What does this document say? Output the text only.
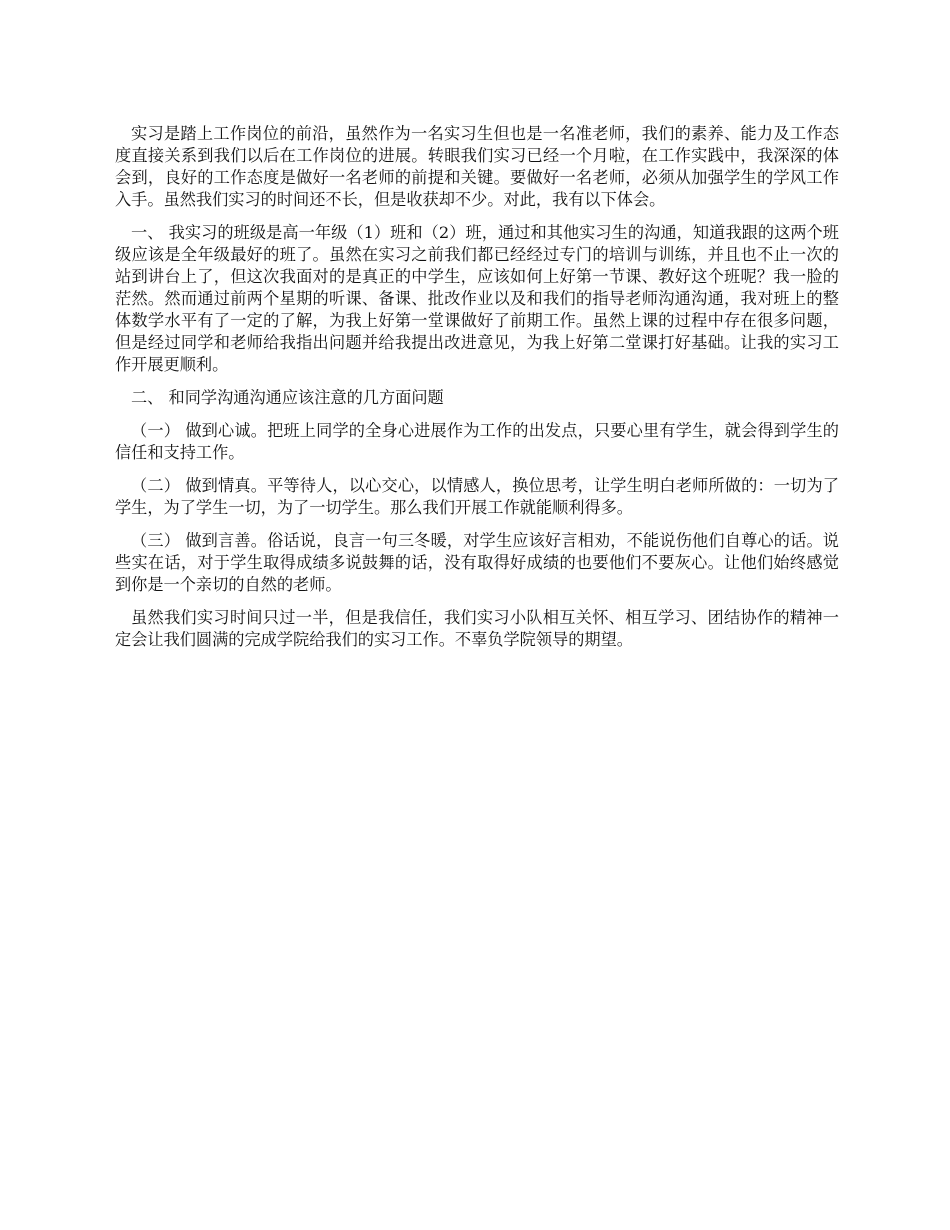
实习是踏上工作岗位的前沿，虽然作为一名实习生但也是一名准老师，我们的素养、能力及工作态度直接关系到我们以后在工作岗位的进展。转眼我们实习已经一个月啦，在工作实践中，我深深的体会到，良好的工作态度是做好一名老师的前提和关键。要做好一名老师，必须从加强学生的学风工作入手。虽然我们实习的时间还不长，但是收获却不少。对此，我有以下体会。

一、 我实习的班级是高一年级（1）班和（2）班，通过和其他实习生的沟通，知道我跟的这两个班级应该是全年级最好的班了。虽然在实习之前我们都已经经过专门的培训与训练，并且也不止一次的站到讲台上了，但这次我面对的是真正的中学生，应该如何上好第一节课、教好这个班呢？我一脸的茫然。然而通过前两个星期的听课、备课、批改作业以及和我们的指导老师沟通沟通，我对班上的整体数学水平有了一定的了解，为我上好第一堂课做好了前期工作。虽然上课的过程中存在很多问题，但是经过同学和老师给我指出问题并给我提出改进意见，为我上好第二堂课打好基础。让我的实习工作开展更顺利。

二、 和同学沟通沟通应该注意的几方面问题

（一） 做到心诚。把班上同学的全身心进展作为工作的出发点，只要心里有学生，就会得到学生的信任和支持工作。

（二） 做到情真。平等待人，以心交心，以情感人，换位思考，让学生明白老师所做的：一切为了学生，为了学生一切，为了一切学生。那么我们开展工作就能顺利得多。

（三） 做到言善。俗话说，良言一句三冬暖，对学生应该好言相劝，不能说伤他们自尊心的话。说些实在话，对于学生取得成绩多说鼓舞的话，没有取得好成绩的也要他们不要灰心。让他们始终感觉到你是一个亲切的自然的老师。

虽然我们实习时间只过一半，但是我信任，我们实习小队相互关怀、相互学习、团结协作的精神一定会让我们圆满的完成学院给我们的实习工作。不辜负学院领导的期望。
